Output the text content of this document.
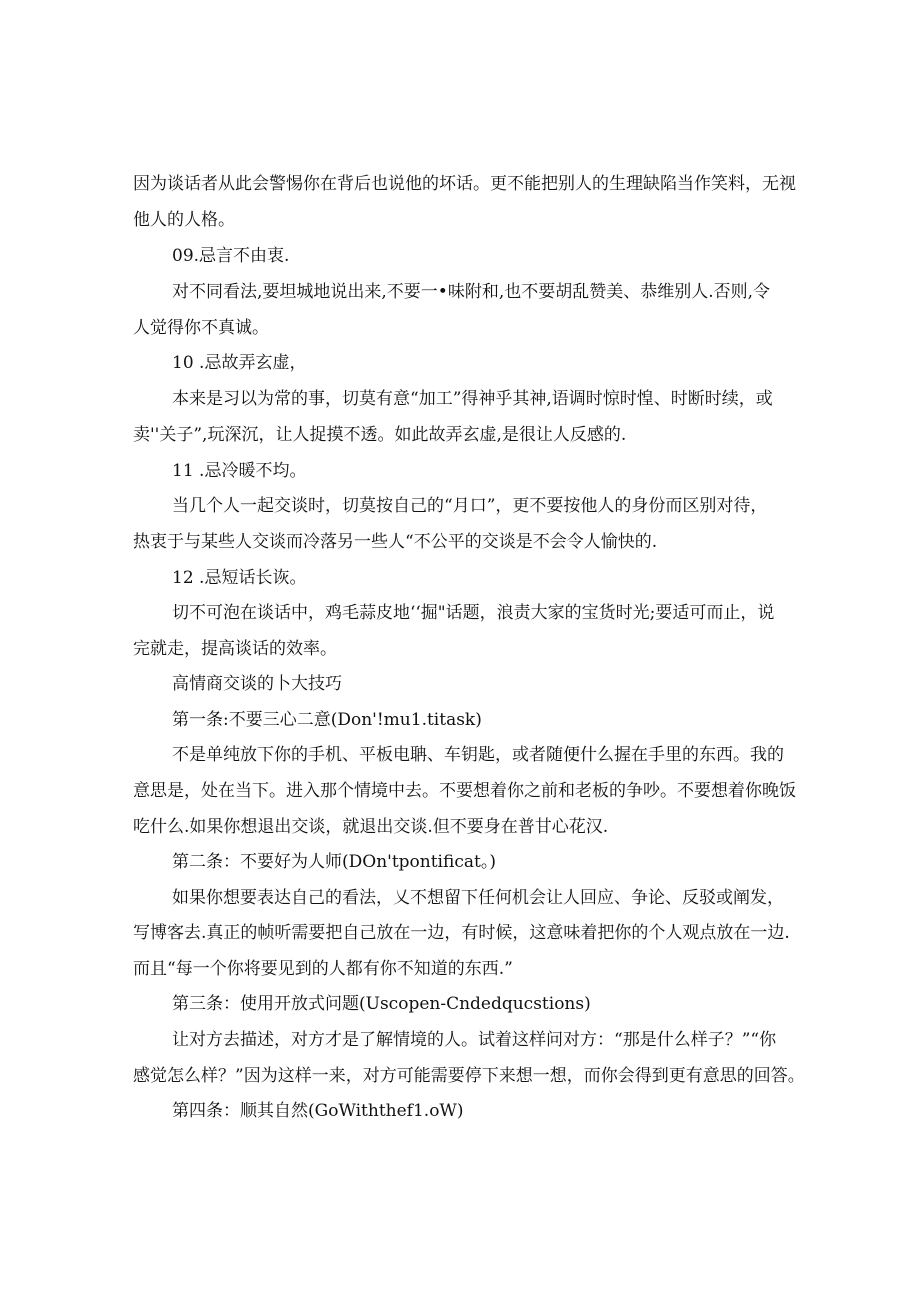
因为谈话者从此会警惕你在背后也说他的坏话。更不能把别人的生理缺陷当作笑料，无视
他人的人格。
09.忌言不由衷.
对不同看法,要坦城地说出来,不要一•味附和,也不要胡乱赞美、恭维别人.否则,令
人觉得你不真诚。
10 .忌故弄玄虚，
本来是习以为常的事，切莫有意“加工”得神乎其神,语调时惊时惶、时断时续，或
卖''关子”,玩深沉，让人捉摸不透。如此故弄玄虚,是很让人反感的.
11 .忌冷暖不均。
当几个人一起交谈时，切莫按自己的“月口”，更不要按他人的身份而区别对待，
热衷于与某些人交谈而冷落另一些人“不公平的交谈是不会令人愉快的.
12 .忌短话长诙。
切不可泡在谈话中，鸡毛蒜皮地‘‘掘"话题，浪责大家的宝货时光;要适可而止，说
完就走，提高谈话的效率。
高情商交谈的卜大技巧
第一条:不要三心二意(Don'!mu1.titask)
不是单纯放下你的手机、平板电聃、车钥匙，或者随便什么握在手里的东西。我的
意思是，处在当下。进入那个情境中去。不要想着你之前和老板的争吵。不要想着你晚饭
吃什么.如果你想退出交谈，就退出交谈.但不要身在普甘心花汉.
第二条：不要好为人师(DOn'tpontificat。)
如果你想要表达自己的看法，乂不想留下任何机会让人回应、争论、反驳或阐发，
写博客去.真正的帧听需要把自己放在一边，有时候，这意味着把你的个人观点放在一边.
而且“每一个你将要见到的人都有你不知道的东西.”
第三条：使用开放式问题(Uscopen-Cndedqucstions)
让对方去描述，对方才是了解情境的人。试着这样问对方：“那是什么样子？”“你
感觉怎么样？”因为这样一来，对方可能需要停下来想一想，而你会得到更有意思的回答。
第四条：顺其自然(GoWiththef1.oW)
